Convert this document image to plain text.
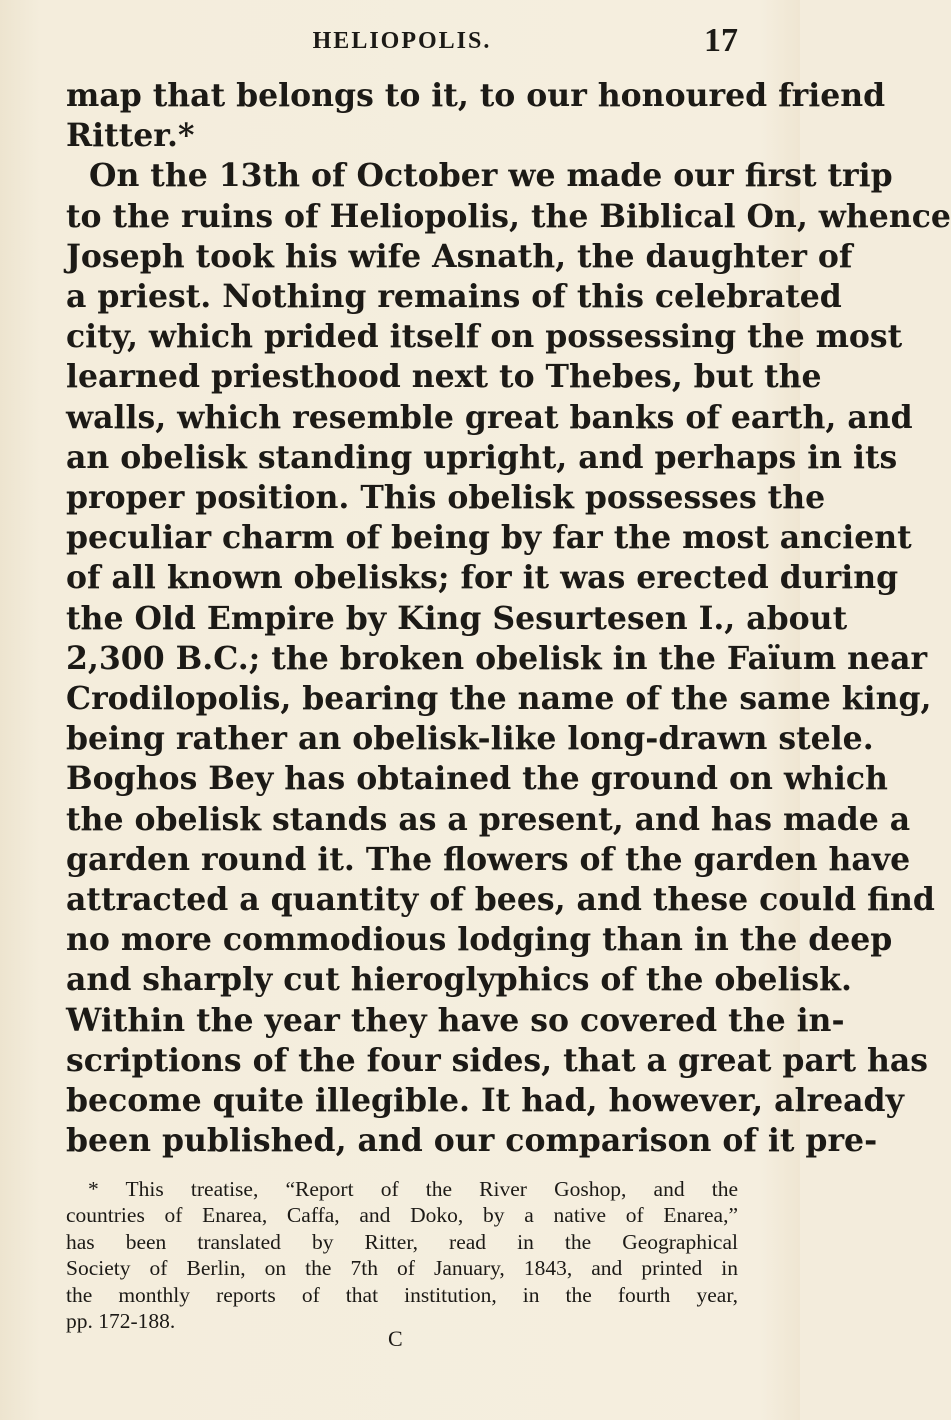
HELIOPOLIS.	17
map that belongs to it, to our honoured friend
Ritter.*
On the 13th of October we made our first trip
to the ruins of Heliopolis, the Biblical On, whence
Joseph took his wife Asnath, the daughter of
a priest. Nothing remains of this celebrated
city, which prided itself on possessing the most
learned priesthood next to Thebes, but the
walls, which resemble great banks of earth, and
an obelisk standing upright, and perhaps in its
proper position. This obelisk possesses the
peculiar charm of being by far the most ancient
of all known obelisks; for it was erected during
the Old Empire by King Sesurtesen I., about
2,300 B.C.; the broken obelisk in the Faïum near
Crodilopolis, bearing the name of the same king,
being rather an obelisk-like long-drawn stele.
Boghos Bey has obtained the ground on which
the obelisk stands as a present, and has made a
garden round it. The flowers of the garden have
attracted a quantity of bees, and these could find
no more commodious lodging than in the deep
and sharply cut hieroglyphics of the obelisk.
Within the year they have so covered the in-
scriptions of the four sides, that a great part has
become quite illegible. It had, however, already
been published, and our comparison of it pre-
* This treatise, “Report of the River Goshop, and the
countries of Enarea, Caffa, and Doko, by a native of Enarea,”
has been translated by Ritter, read in the Geographical
Society of Berlin, on the 7th of January, 1843, and printed in
the monthly reports of that institution, in the fourth year,
pp. 172-188.
C
